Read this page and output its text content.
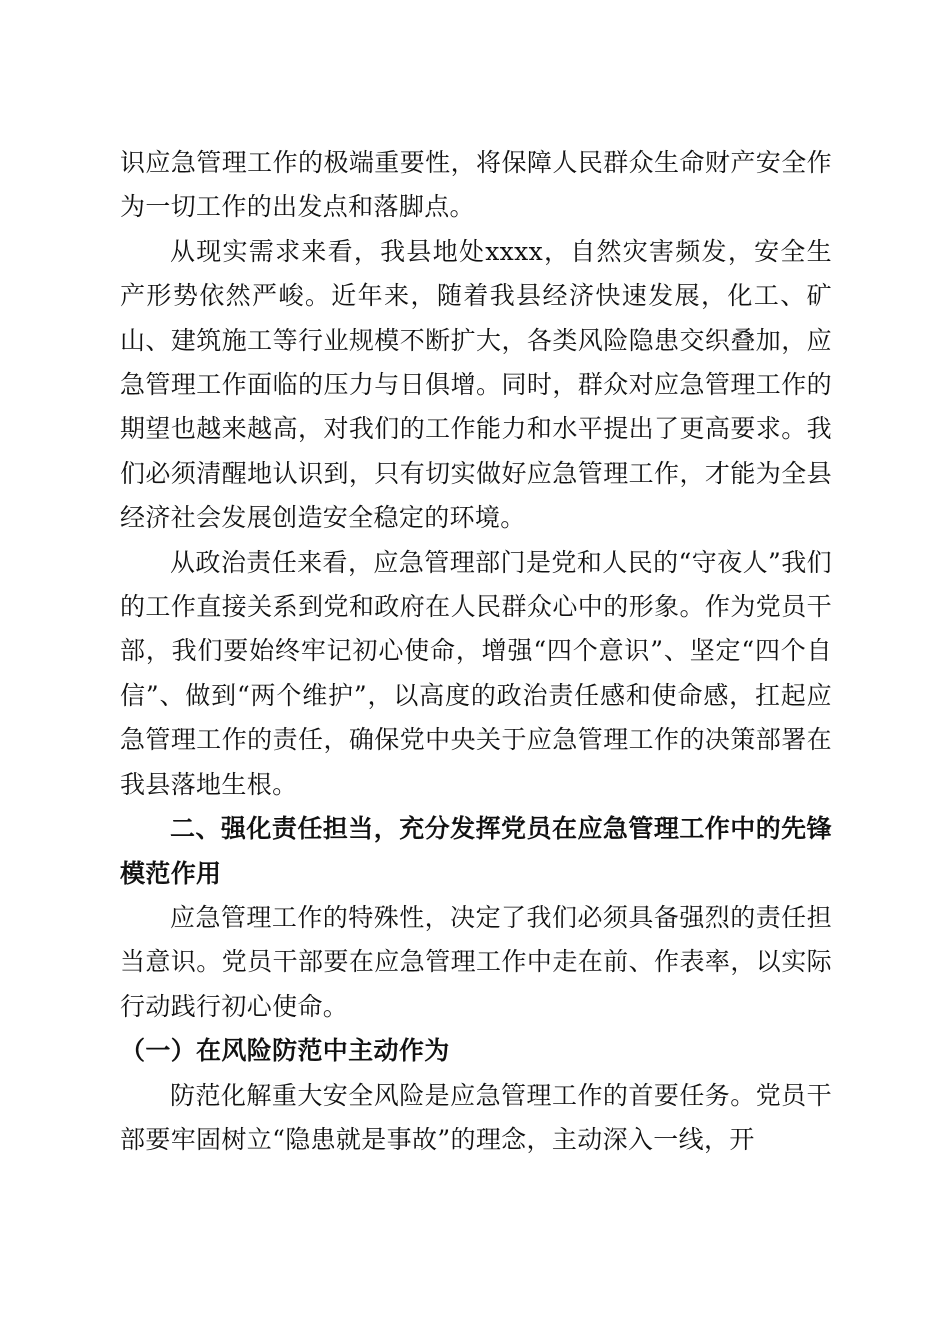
识应急管理工作的极端重要性，将保障人民群众生命财产安全作为一切工作的出发点和落脚点。

从现实需求来看，我县地处xxxx，自然灾害频发，安全生产形势依然严峻。近年来，随着我县经济快速发展，化工、矿山、建筑施工等行业规模不断扩大，各类风险隐患交织叠加，应急管理工作面临的压力与日俱增。同时，群众对应急管理工作的期望也越来越高，对我们的工作能力和水平提出了更高要求。我们必须清醒地认识到，只有切实做好应急管理工作，才能为全县经济社会发展创造安全稳定的环境。

从政治责任来看，应急管理部门是党和人民的“守夜人”我们的工作直接关系到党和政府在人民群众心中的形象。作为党员干部，我们要始终牢记初心使命，增强“四个意识”、坚定“四个自信”、做到“两个维护”，以高度的政治责任感和使命感，扛起应急管理工作的责任，确保党中央关于应急管理工作的决策部署在我县落地生根。

二、强化责任担当，充分发挥党员在应急管理工作中的先锋模范作用

应急管理工作的特殊性，决定了我们必须具备强烈的责任担当意识。党员干部要在应急管理工作中走在前、作表率，以实际行动践行初心使命。

（一）在风险防范中主动作为

防范化解重大安全风险是应急管理工作的首要任务。党员干部要牢固树立“隐患就是事故”的理念，主动深入一线，开
